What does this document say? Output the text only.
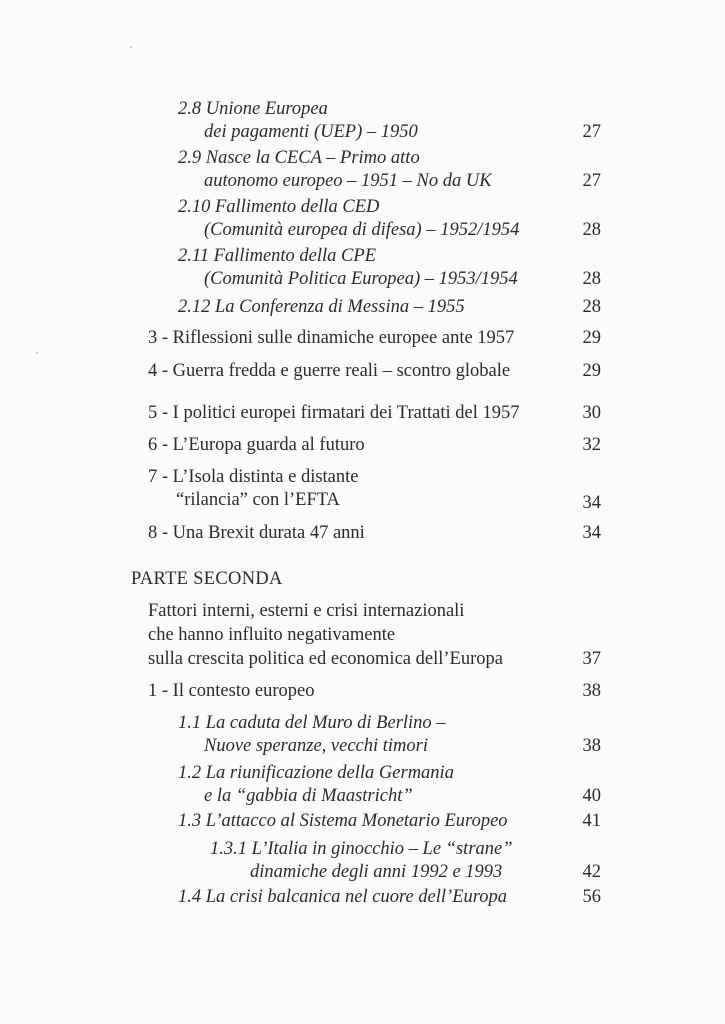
2.8 Unione Europea
dei pagamenti (UEP) – 1950	27
2.9 Nasce la CECA – Primo atto
autonomo europeo – 1951 – No da UK	27
2.10 Fallimento della CED
(Comunità europea di difesa) – 1952/1954	28
2.11 Fallimento della CPE
(Comunità Politica Europea) – 1953/1954	28
2.12 La Conferenza di Messina – 1955	28
3 - Riflessioni sulle dinamiche europee ante 1957	29
4 - Guerra fredda e guerre reali – scontro globale	29
5 - I politici europei firmatari dei Trattati del 1957	30
6 - L’Europa guarda al futuro	32
7 - L’Isola distinta e distante
“rilancia” con l’EFTA	34
8 - Una Brexit durata 47 anni	34
PARTE SECONDA
Fattori interni, esterni e crisi internazionali
che hanno influito negativamente
sulla crescita politica ed economica dell’Europa	37
1 - Il contesto europeo	38
1.1 La caduta del Muro di Berlino –
Nuove speranze, vecchi timori	38
1.2 La riunificazione della Germania
e la “gabbia di Maastricht”	40
1.3 L’attacco al Sistema Monetario Europeo	41
1.3.1 L’Italia in ginocchio – Le “strane”
dinamiche degli anni 1992 e 1993	42
1.4 La crisi balcanica nel cuore dell’Europa	56
